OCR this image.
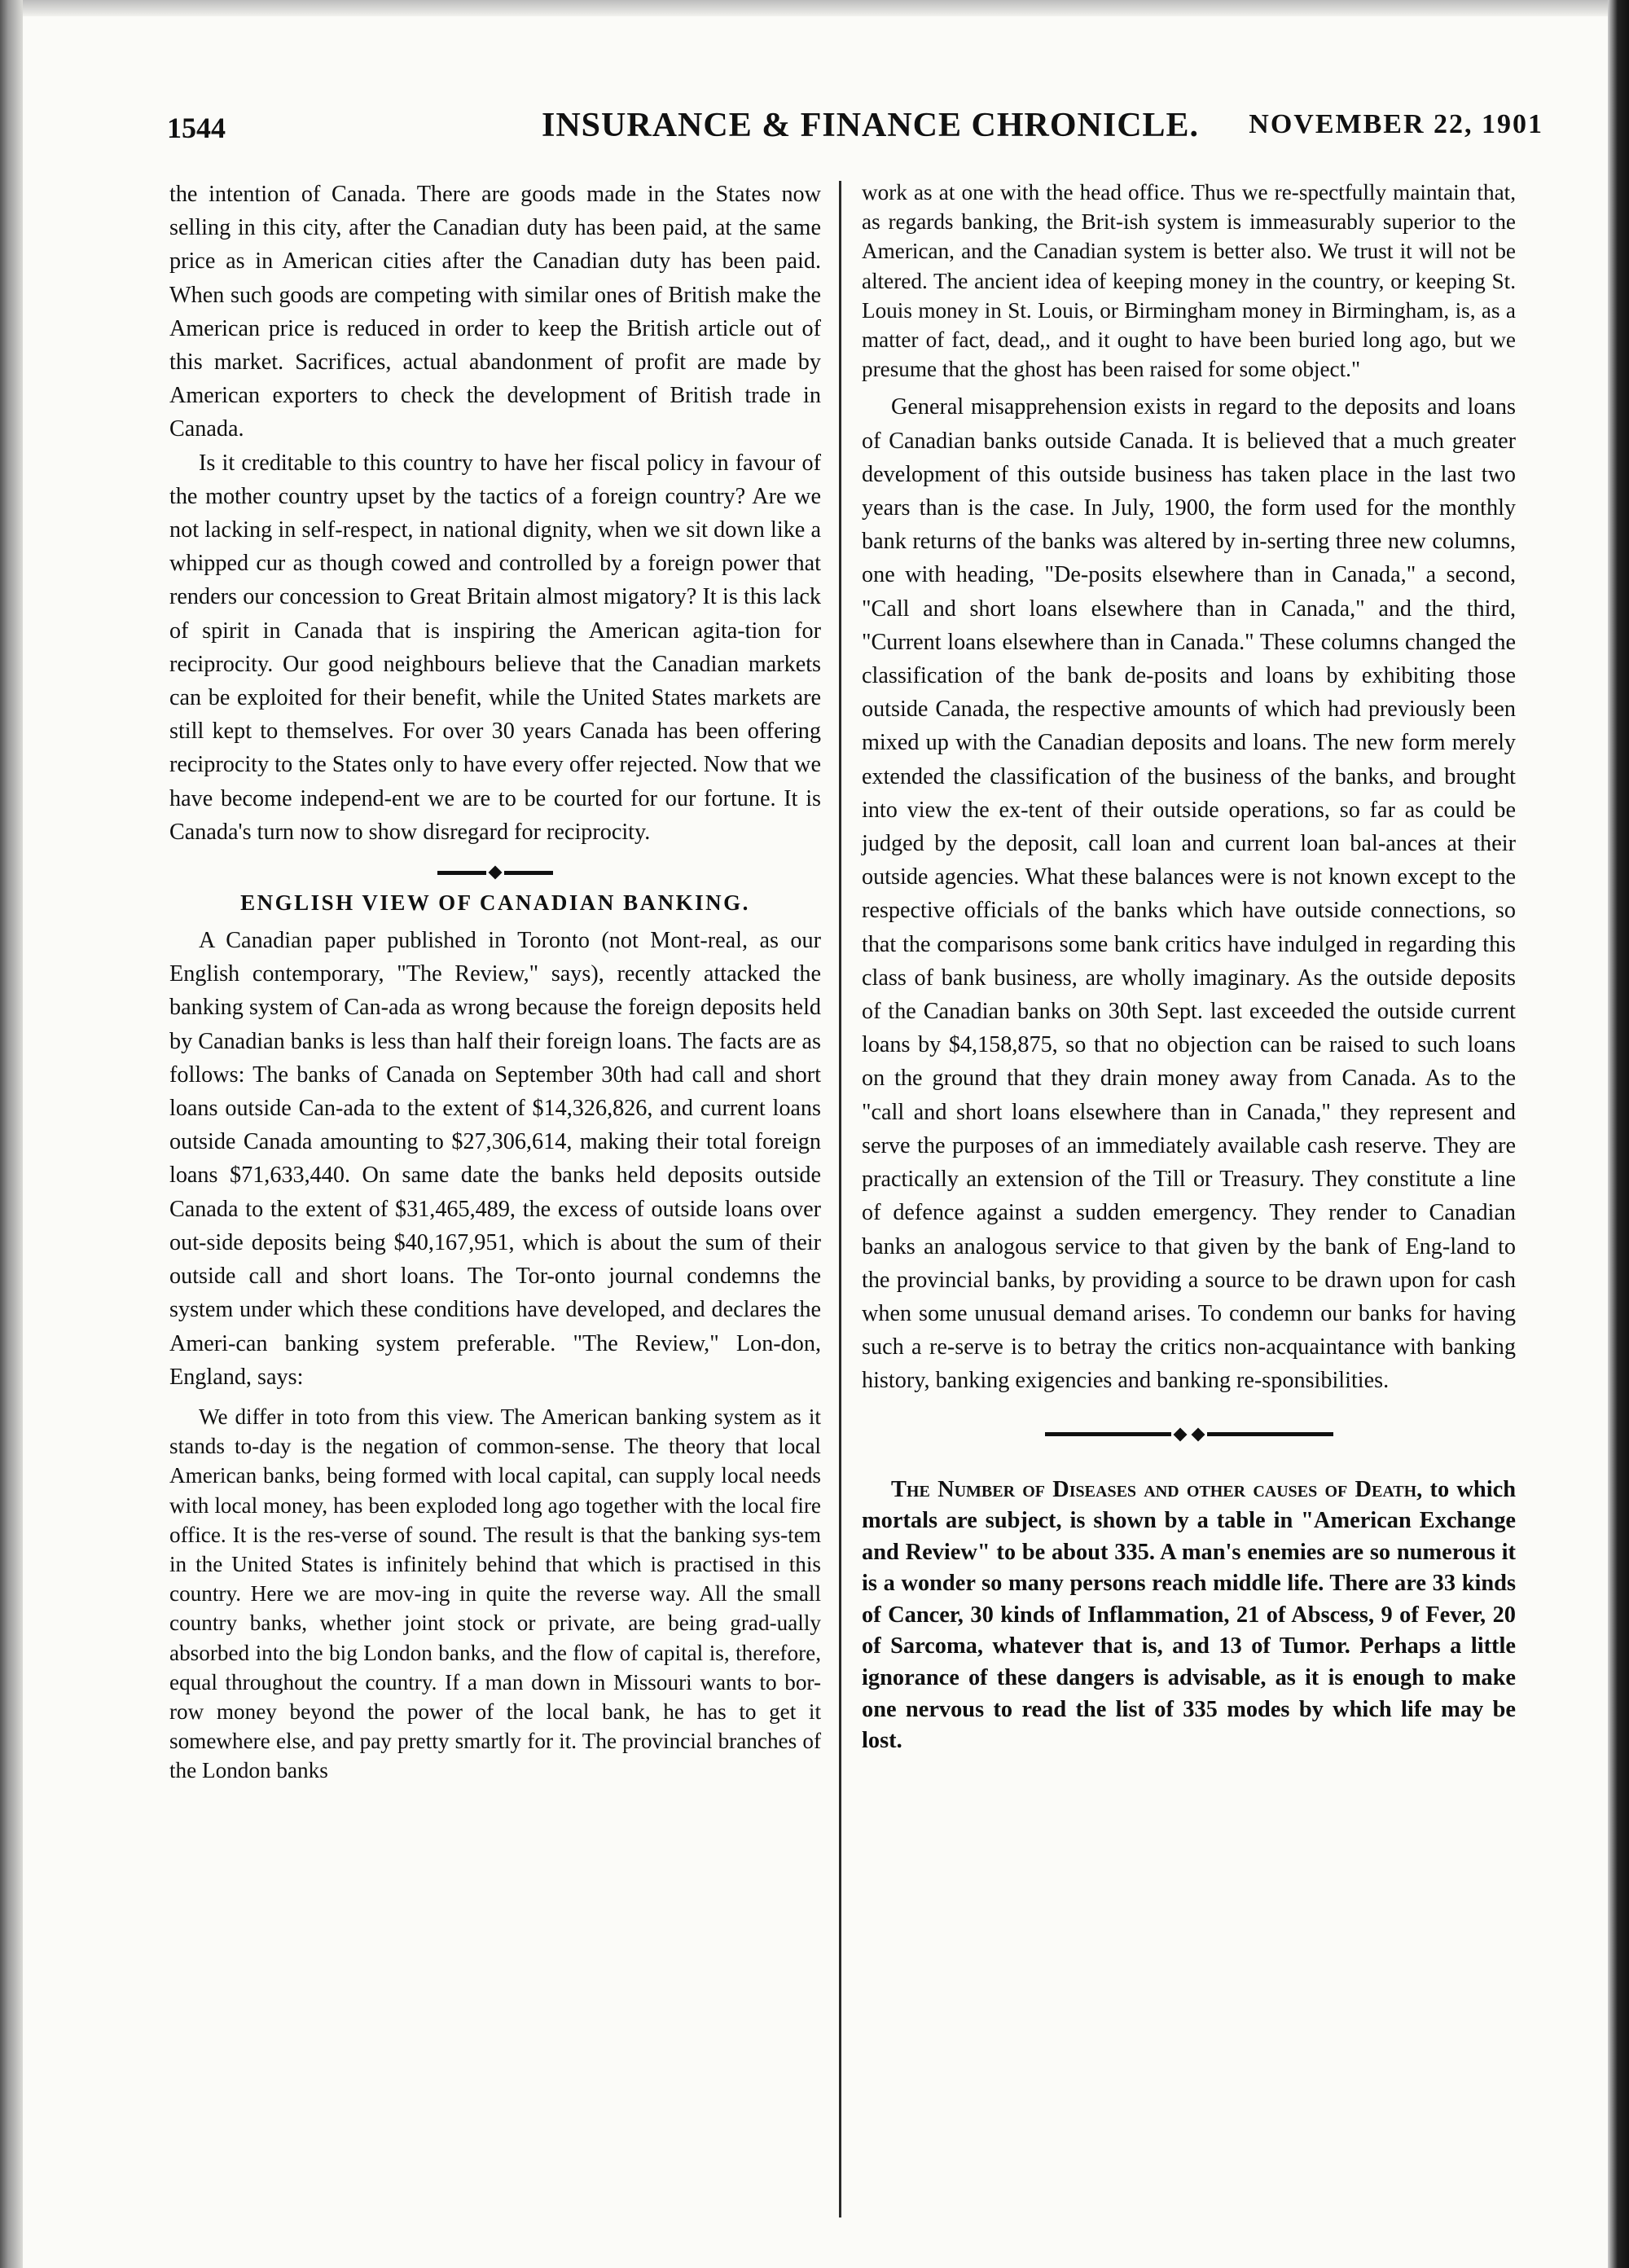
1544	INSURANCE & FINANCE CHRONICLE. NOVEMBER 22, 1901

the intention of Canada. There are goods made in the States now selling in this city, after the Canadian duty has been paid, at the same price as in American cities after the Canadian duty has been paid. When such goods are competing with similar ones of British make the American price is reduced in order to keep the British article out of this market. Sacrifices, actual abandonment of profit are made by American exporters to check the development of British trade in Canada.

Is it creditable to this country to have her fiscal policy in favour of the mother country upset by the tactics of a foreign country? Are we not lacking in self-respect, in national dignity, when we sit down like a whipped cur as though cowed and controlled by a foreign power that renders our concession to Great Britain almost migatory? It is this lack of spirit in Canada that is inspiring the American agita-tion for reciprocity. Our good neighbours believe that the Canadian markets can be exploited for their benefit, while the United States markets are still kept to themselves. For over 30 years Canada has been offering reciprocity to the States only to have every offer rejected. Now that we have become independ-ent we are to be courted for our fortune. It is Canada's turn now to show disregard for reciprocity.

ENGLISH VIEW OF CANADIAN BANKING.

A Canadian paper published in Toronto (not Mont-real, as our English contemporary, "The Review," says), recently attacked the banking system of Can-ada as wrong because the foreign deposits held by Canadian banks is less than half their foreign loans. The facts are as follows: The banks of Canada on September 30th had call and short loans outside Can-ada to the extent of $14,326,826, and current loans outside Canada amounting to $27,306,614, making their total foreign loans $71,633,440. On same date the banks held deposits outside Canada to the extent of $31,465,489, the excess of outside loans over out-side deposits being $40,167,951, which is about the sum of their outside call and short loans. The Tor-onto journal condemns the system under which these conditions have developed, and declares the Ameri-can banking system preferable. "The Review," Lon-don, England, says:

We differ in toto from this view. The American banking system as it stands to-day is the negation of common-sense. The theory that local American banks, being formed with local capital, can supply local needs with local money, has been exploded long ago together with the local fire office. It is the res-verse of sound. The result is that the banking sys-tem in the United States is infinitely behind that which is practised in this country. Here we are mov-ing in quite the reverse way. All the small country banks, whether joint stock or private, are being grad-ually absorbed into the big London banks, and the flow of capital is, therefore, equal throughout the country. If a man down in Missouri wants to bor-row money beyond the power of the local bank, he has to get it somewhere else, and pay pretty smartly for it. The provincial branches of the London banks

work as at one with the head office. Thus we re-spectfully maintain that, as regards banking, the Brit-ish system is immeasurably superior to the American, and the Canadian system is better also. We trust it will not be altered. The ancient idea of keeping money in the country, or keeping St. Louis money in St. Louis, or Birmingham money in Birmingham, is, as a matter of fact, dead,, and it ought to have been buried long ago, but we presume that the ghost has been raised for some object."

General misapprehension exists in regard to the deposits and loans of Canadian banks outside Canada. It is believed that a much greater development of this outside business has taken place in the last two years than is the case. In July, 1900, the form used for the monthly bank returns of the banks was altered by in-serting three new columns, one with heading, "De-posits elsewhere than in Canada," a second, "Call and short loans elsewhere than in Canada," and the third, "Current loans elsewhere than in Canada." These columns changed the classification of the bank de-posits and loans by exhibiting those outside Canada, the respective amounts of which had previously been mixed up with the Canadian deposits and loans. The new form merely extended the classification of the business of the banks, and brought into view the ex-tent of their outside operations, so far as could be judged by the deposit, call loan and current loan bal-ances at their outside agencies. What these balances were is not known except to the respective officials of the banks which have outside connections, so that the comparisons some bank critics have indulged in regarding this class of bank business, are wholly imaginary. As the outside deposits of the Canadian banks on 30th Sept. last exceeded the outside current loans by $4,158,875, so that no objection can be raised to such loans on the ground that they drain money away from Canada. As to the "call and short loans elsewhere than in Canada," they represent and serve the purposes of an immediately available cash reserve. They are practically an extension of the Till or Treasury. They constitute a line of defence against a sudden emergency. They render to Canadian banks an analogous service to that given by the bank of Eng-land to the provincial banks, by providing a source to be drawn upon for cash when some unusual demand arises. To condemn our banks for having such a re-serve is to betray the critics non-acquaintance with banking history, banking exigencies and banking re-sponsibilities.

The Number of Diseases and other causes of Death, to which mortals are subject, is shown by a table in "American Exchange and Review" to be about 335. A man's enemies are so numerous it is a wonder so many persons reach middle life. There are 33 kinds of Cancer, 30 kinds of Inflammation, 21 of Abscess, 9 of Fever, 20 of Sarcoma, whatever that is, and 13 of Tumor. Perhaps a little ignorance of these dangers is advisable, as it is enough to make one nervous to read the list of 335 modes by which life may be lost.
